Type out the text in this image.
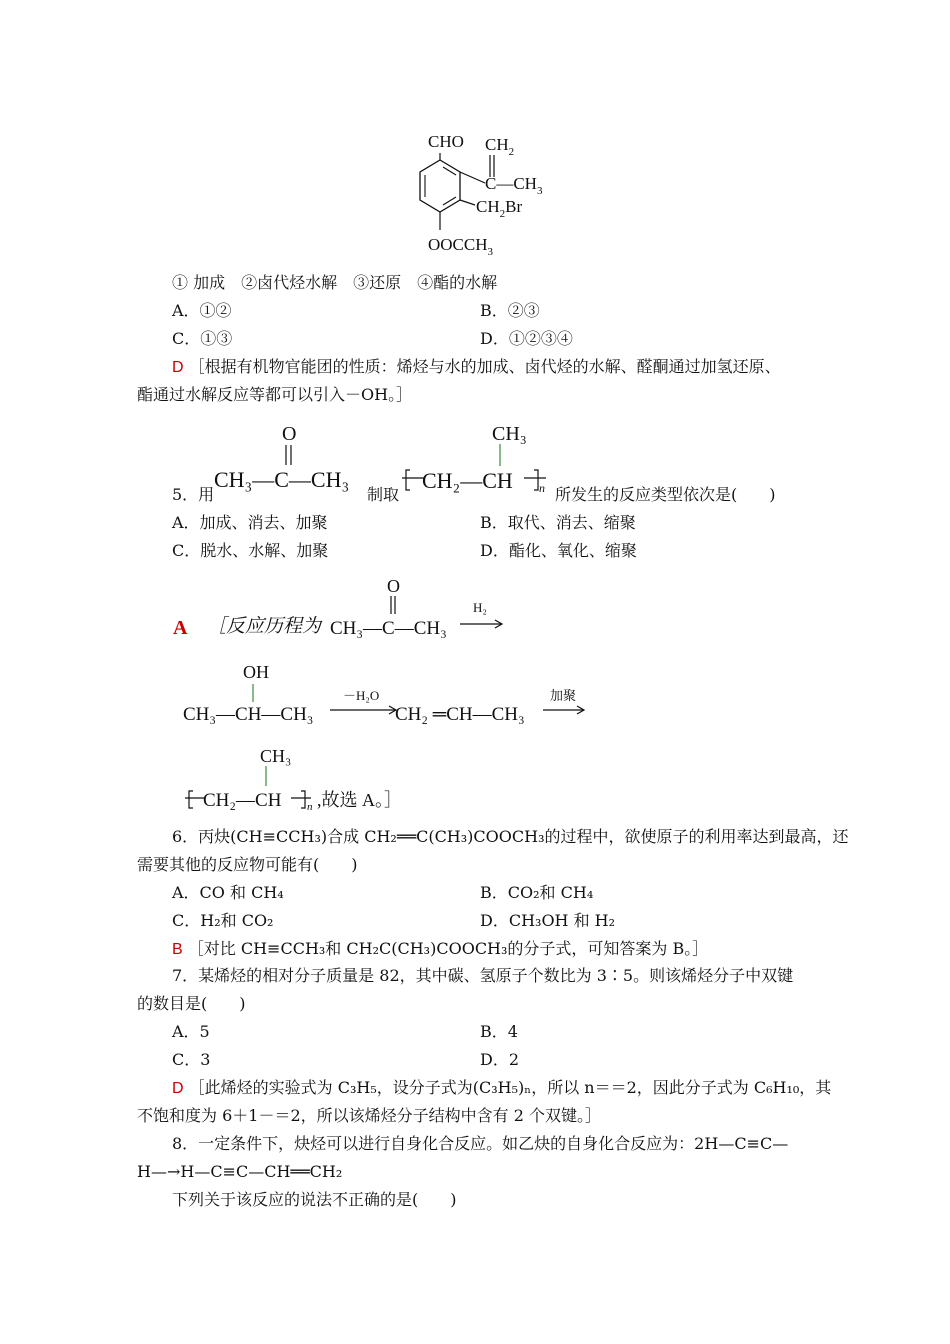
CHO $CH_2$
$C—CH_3$
$CH_2Br$
$OOCCH_3$
① 加成　②卤代烃水解　③还原　④酯的水解
A．①②	B．②③
C．①③	D．①②③④
D ［根据有机物官能团的性质：烯烃与水的加成、卤代烃的水解、醛酮通过加氢还原、
酯通过水解反应等都可以引入－OH。］
5．用
O
CH₃—C—CH₃
制取
CH₃
CH₂—CH n 所发生的反应类型依次是(　　)
A．加成、消去、加聚	B．取代、消去、缩聚
C．脱水、水解、加聚	D．酯化、氧化、缩聚
A ［反应历程为
O
CH₃—C—CH₃
H₂
OH
CH₃—CH—CH₃
－H₂O
CH₂ ═CH—CH₃
加聚
CH₃
CH₂—CH n ,故选 A。］
6．丙炔(CH≡CCH₃)合成 CH₂══C(CH₃)COOCH₃的过程中，欲使原子的利用率达到最高，还
需要其他的反应物可能有(　　)
A．CO 和 CH₄	B．CO₂和 CH₄
C．H₂和 CO₂	D．CH₃OH 和 H₂
B ［对比 CH≡CCH₃和 CH₂C(CH₃)COOCH₃的分子式，可知答案为 B。］
7．某烯烃的相对分子质量是 82，其中碳、氢原子个数比为 3∶5。则该烯烃分子中双键
的数目是(　　)
A．5	B．4
C．3	D．2
D ［此烯烃的实验式为 C₃H₅，设分子式为(C₃H₅)ₙ，所以 n＝＝2，因此分子式为 C₆H₁₀，其
不饱和度为 6＋1－＝2，所以该烯烃分子结构中含有 2 个双键。］
8．一定条件下，炔烃可以进行自身化合反应。如乙炔的自身化合反应为：2H—C≡C—
H—→H—C≡C—CH══CH₂
下列关于该反应的说法不正确的是(　　)
